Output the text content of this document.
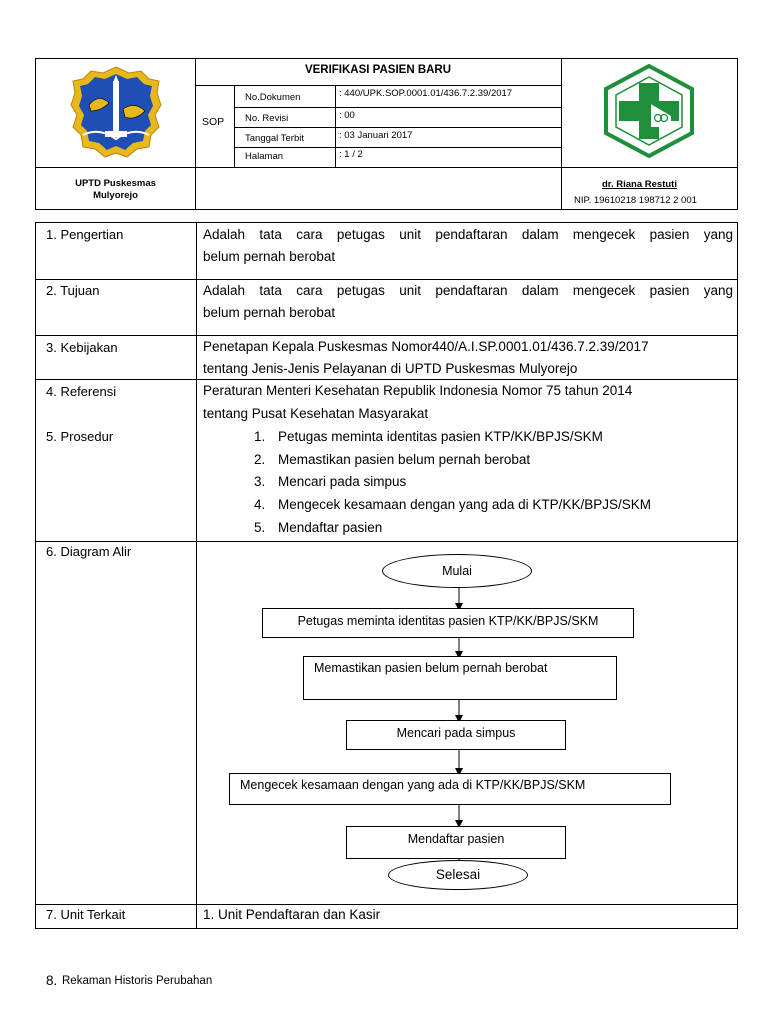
VERIFIKASI PASIEN BARU
SOP
No.Dokumen	: 440/UPK.SOP.0001.01/436.7.2.39/2017
No. Revisi	: 00
Tanggal Terbit	: 03 Januari 2017
Halaman	: 1 / 2
UPTD Puskesmas
Mulyorejo
dr. Riana Restuti
NIP. 19610218 198712 2 001
1. Pengertian	Adalah tata cara petugas unit pendaftaran dalam mengecek pasien yang
belum pernah berobat
2. Tujuan	Adalah tata cara petugas unit pendaftaran dalam mengecek pasien yang
belum pernah berobat
3. Kebijakan	Penetapan Kepala Puskesmas Nomor440/A.I.SP.0001.01/436.7.2.39/2017
tentang Jenis-Jenis Pelayanan di UPTD Puskesmas Mulyorejo
4. Referensi	Peraturan Menteri Kesehatan Republik Indonesia Nomor 75 tahun 2014
tentang Pusat Kesehatan Masyarakat
5. Prosedur	1. Petugas meminta identitas pasien KTP/KK/BPJS/SKM
2. Memastikan pasien belum pernah berobat
3. Mencari pada simpus
4. Mengecek kesamaan dengan yang ada di KTP/KK/BPJS/SKM
5. Mendaftar pasien
6. Diagram Alir
Mulai
Petugas meminta identitas pasien KTP/KK/BPJS/SKM
Memastikan pasien belum pernah berobat
Mencari pada simpus
Mengecek kesamaan dengan yang ada di KTP/KK/BPJS/SKM
Mendaftar pasien
Selesai
7. Unit Terkait	1. Unit Pendaftaran dan Kasir
8. Rekaman Historis Perubahan
